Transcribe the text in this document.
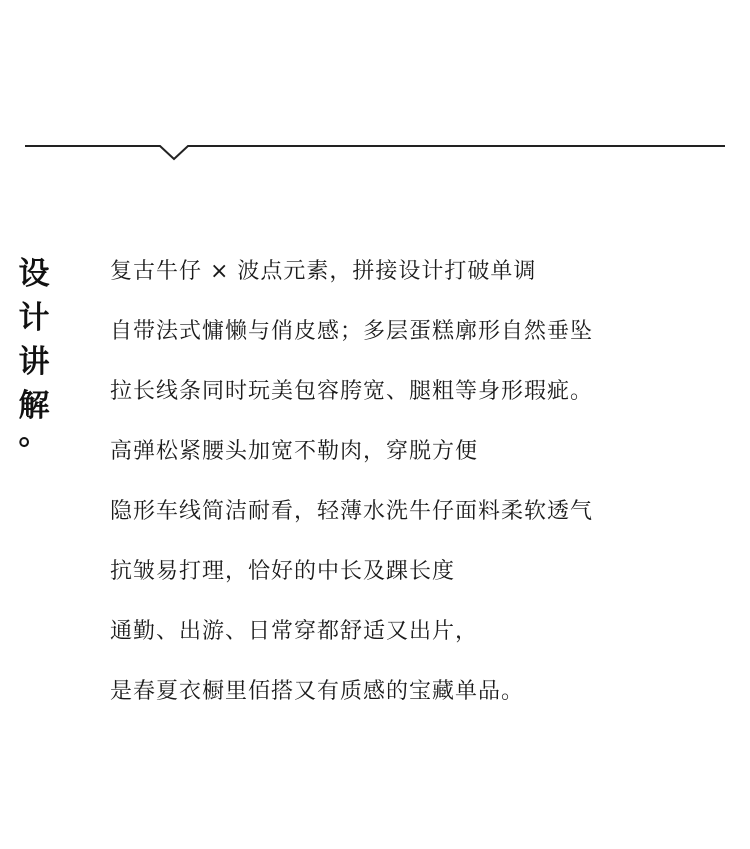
设
计
讲
解
。
复古牛仔 × 波点元素，拼接设计打破单调
自带法式慵懒与俏皮感；多层蛋糕廓形自然垂坠
拉长线条同时玩美包容胯宽、腿粗等身形瑕疵。
高弹松紧腰头加宽不勒肉，穿脱方便
隐形车线简洁耐看，轻薄水洗牛仔面料柔软透气
抗皱易打理，恰好的中长及踝长度
通勤、出游、日常穿都舒适又出片，
是春夏衣橱里佰搭又有质感的宝藏单品。
